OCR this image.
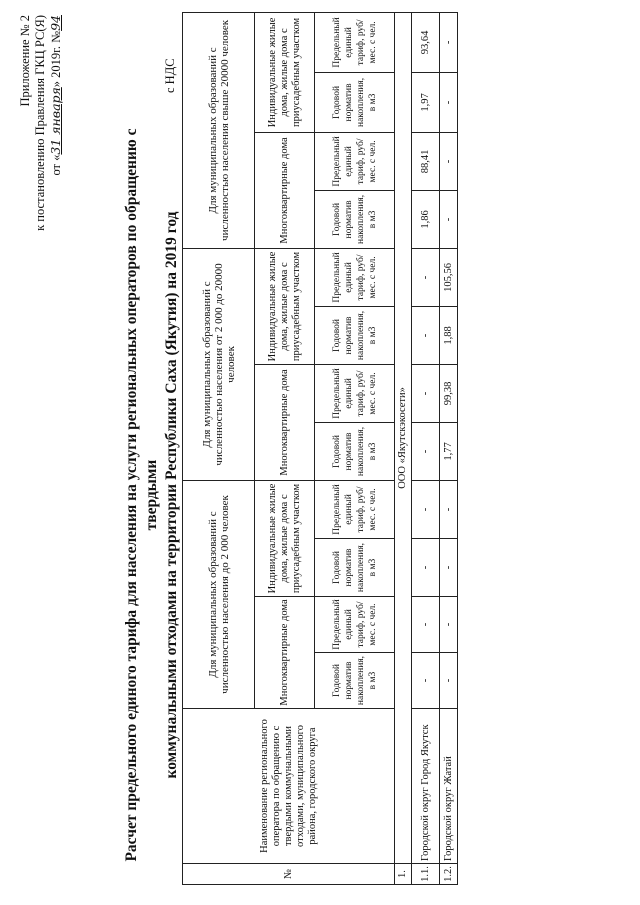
Приложение № 2 к постановлению Правления ГКЦ РС(Я) от «31 января» 2019г. №94
Расчет предельного единого тарифа для населения на услуги региональных операторов по обращению с твердыми коммунальными отходами на территории Республики Саха (Якутия) на 2019 год
с НДС
№	Наименование регионального оператора по обращению с твердыми коммунальными отходами, муниципального района, городского округа	Для муниципальных образований с численностью населения до 2 000 человек				Для муниципальных образований с численностью населения от 2 000 до 20000 человек				Для муниципальных образований с численностью населения свыше 20000 человек			
		Многоквартирные дома		Индивидуальные жилые дома, жилые дома с приусадебным участком		Многоквартирные дома		Индивидуальные жилые дома, жилые дома с приусадебным участком		Многоквартирные дома		Индивидуальные жилые дома, жилые дома с приусадебным участком	
		Годовой норматив накопления, в м3	Предельный единый тариф, руб/мес. с чел.	Годовой норматив накопления, в м3	Предельный единый тариф, руб/мес. с чел.	Годовой норматив накопления, в м3	Предельный единый тариф, руб/мес. с чел.	Годовой норматив накопления, в м3	Предельный единый тариф, руб/мес. с чел.	Годовой норматив накопления, в м3	Предельный единый тариф, руб/мес. с чел.	Годовой норматив накопления, в м3	Предельный единый тариф, руб/мес. с чел.
1.	ООО «Якутскэкосети»												
1.1.	Городской округ Город Якутск	-	-	-	-	-	-	-	-	1,86	88,41	1,97	93,64
1.2.	Городской округ Жатай	-	-	-	-	1,77	99,38	1,88	105,56	-	-	-	-
